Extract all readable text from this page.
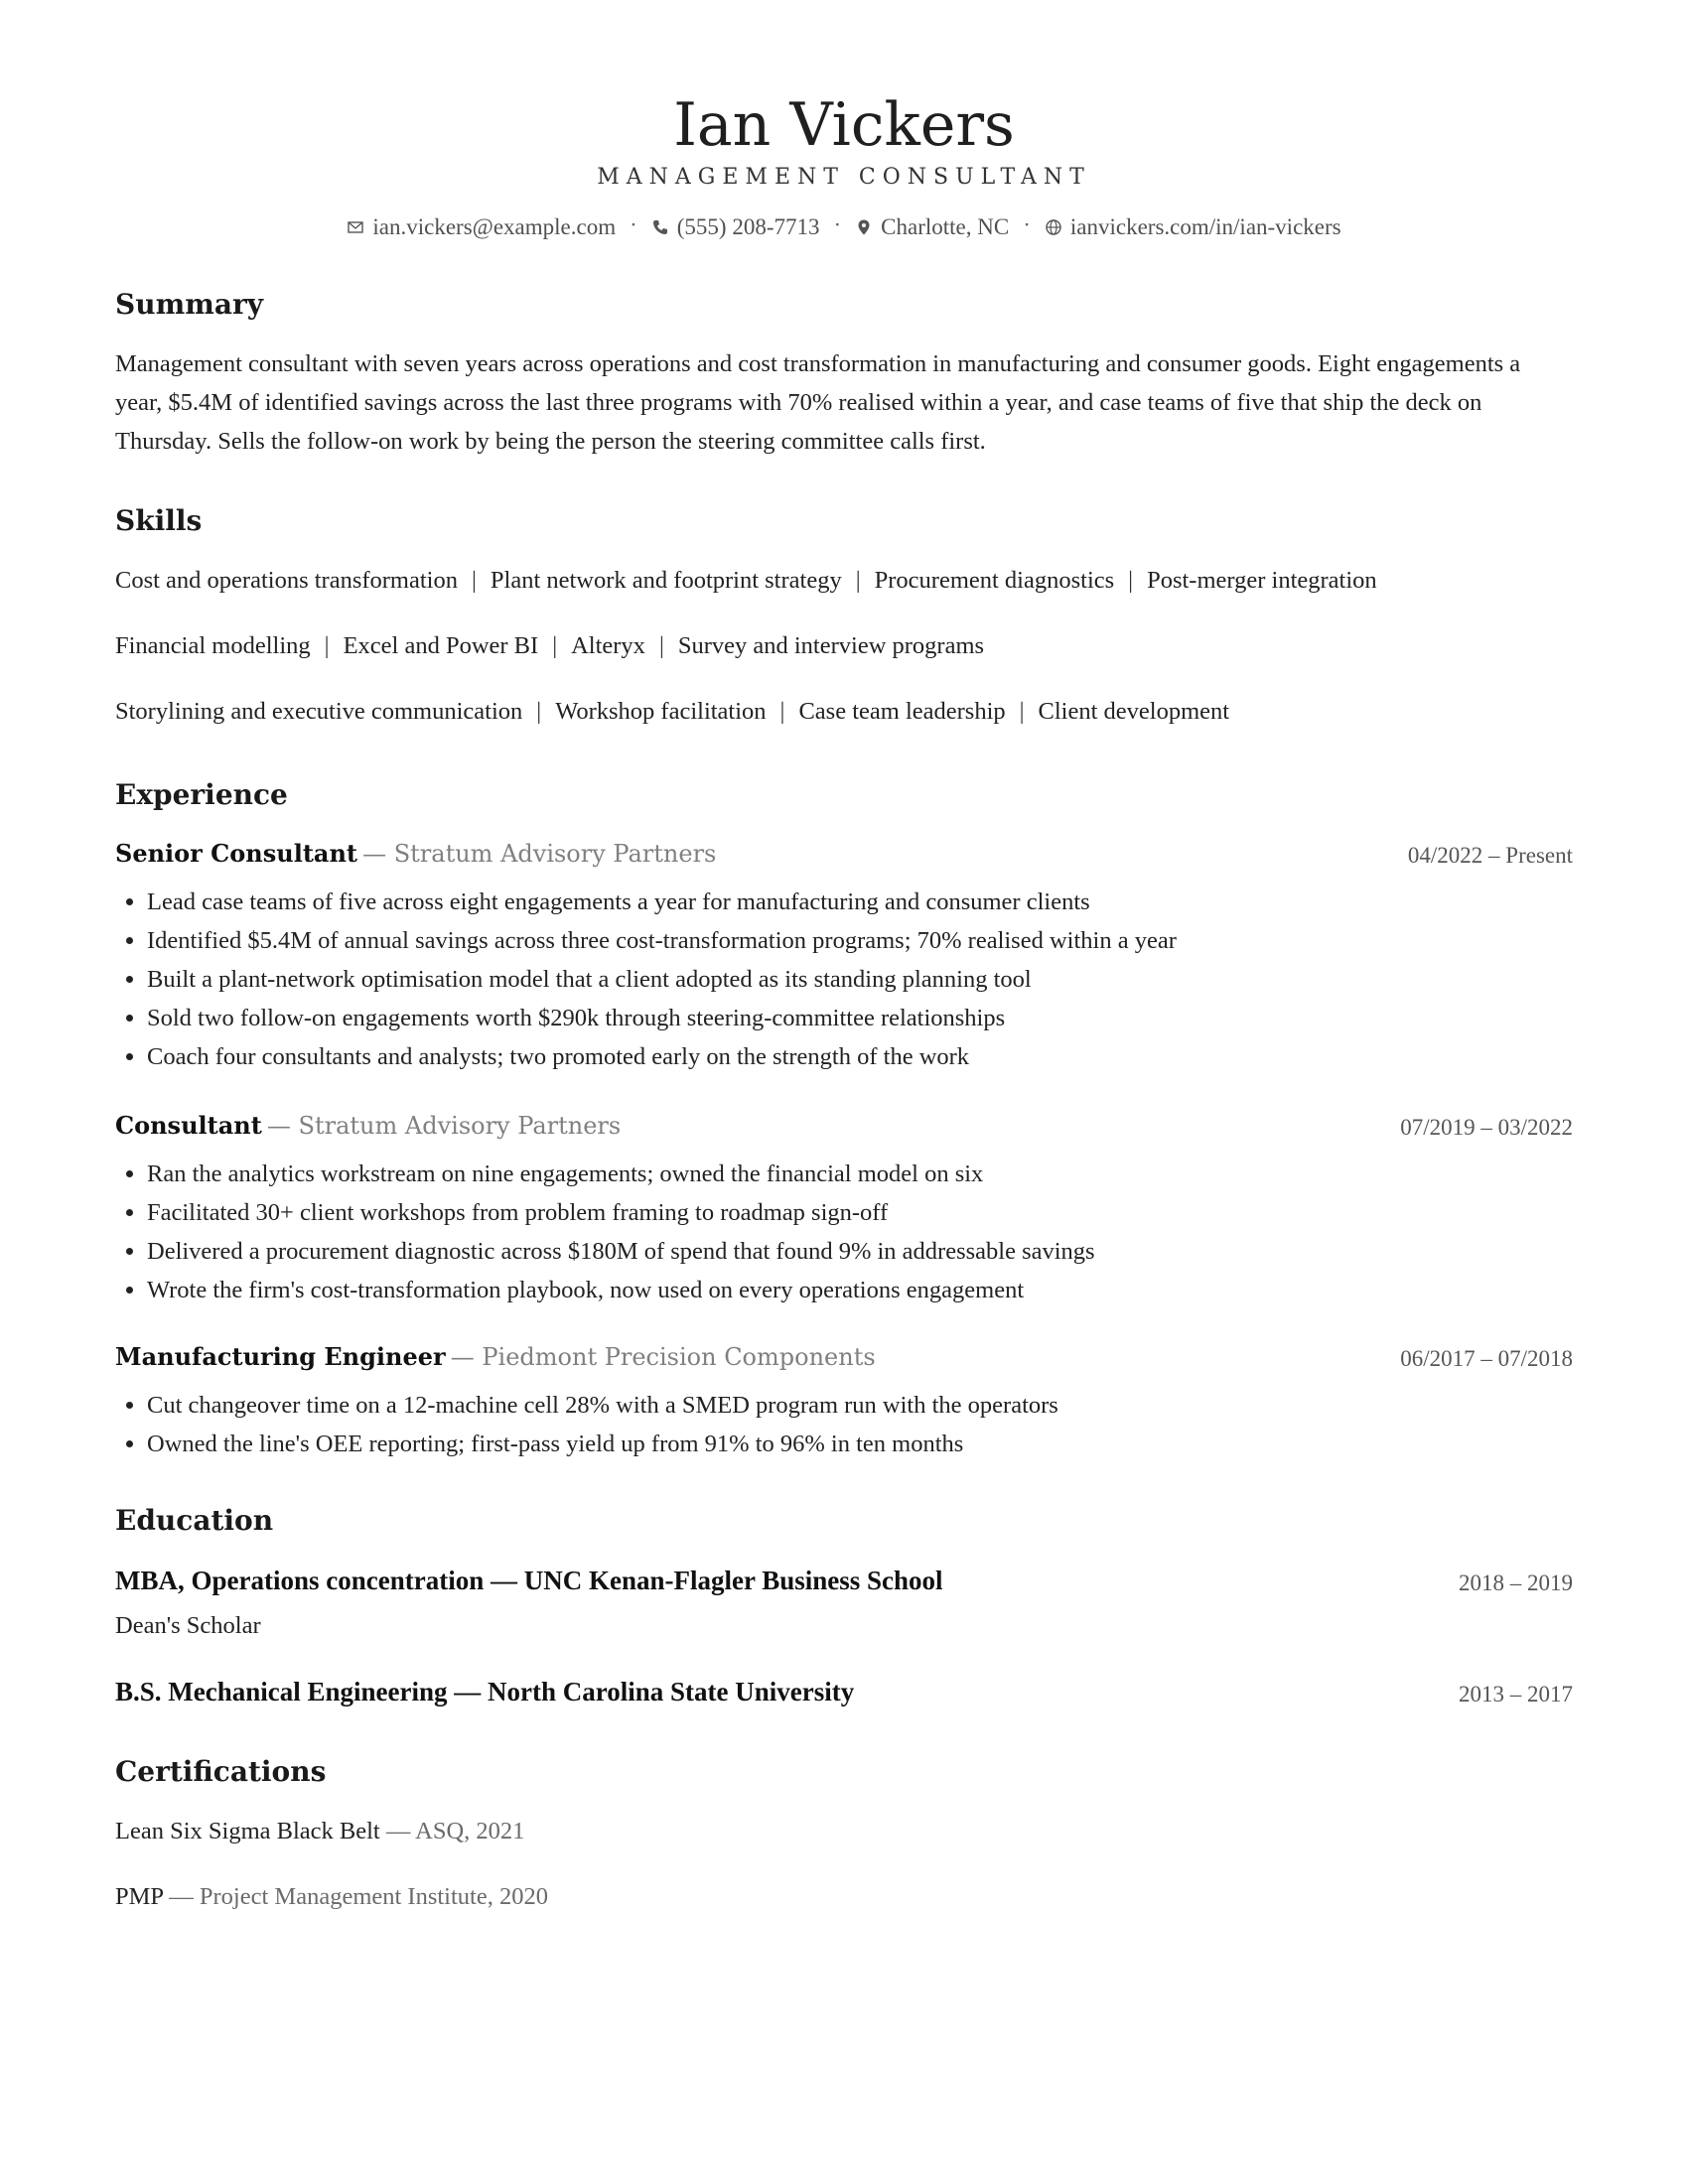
Ian Vickers
MANAGEMENT CONSULTANT
ian.vickers@example.com · (555) 208-7713 · Charlotte, NC · ianvickers.com/in/ian-vickers
Summary
Management consultant with seven years across operations and cost transformation in manufacturing and consumer goods. Eight engagements a year, $5.4M of identified savings across the last three programs with 70% realised within a year, and case teams of five that ship the deck on Thursday. Sells the follow-on work by being the person the steering committee calls first.
Skills
Cost and operations transformation | Plant network and footprint strategy | Procurement diagnostics | Post-merger integration
Financial modelling | Excel and Power BI | Alteryx | Survey and interview programs
Storylining and executive communication | Workshop facilitation | Case team leadership | Client development
Experience
Senior Consultant — Stratum Advisory Partners	04/2022 – Present
• Lead case teams of five across eight engagements a year for manufacturing and consumer clients
• Identified $5.4M of annual savings across three cost-transformation programs; 70% realised within a year
• Built a plant-network optimisation model that a client adopted as its standing planning tool
• Sold two follow-on engagements worth $290k through steering-committee relationships
• Coach four consultants and analysts; two promoted early on the strength of the work
Consultant — Stratum Advisory Partners	07/2019 – 03/2022
• Ran the analytics workstream on nine engagements; owned the financial model on six
• Facilitated 30+ client workshops from problem framing to roadmap sign-off
• Delivered a procurement diagnostic across $180M of spend that found 9% in addressable savings
• Wrote the firm's cost-transformation playbook, now used on every operations engagement
Manufacturing Engineer — Piedmont Precision Components	06/2017 – 07/2018
• Cut changeover time on a 12-machine cell 28% with a SMED program run with the operators
• Owned the line's OEE reporting; first-pass yield up from 91% to 96% in ten months
Education
MBA, Operations concentration — UNC Kenan-Flagler Business School	2018 – 2019
Dean's Scholar
B.S. Mechanical Engineering — North Carolina State University	2013 – 2017
Certifications
Lean Six Sigma Black Belt — ASQ, 2021
PMP — Project Management Institute, 2020
